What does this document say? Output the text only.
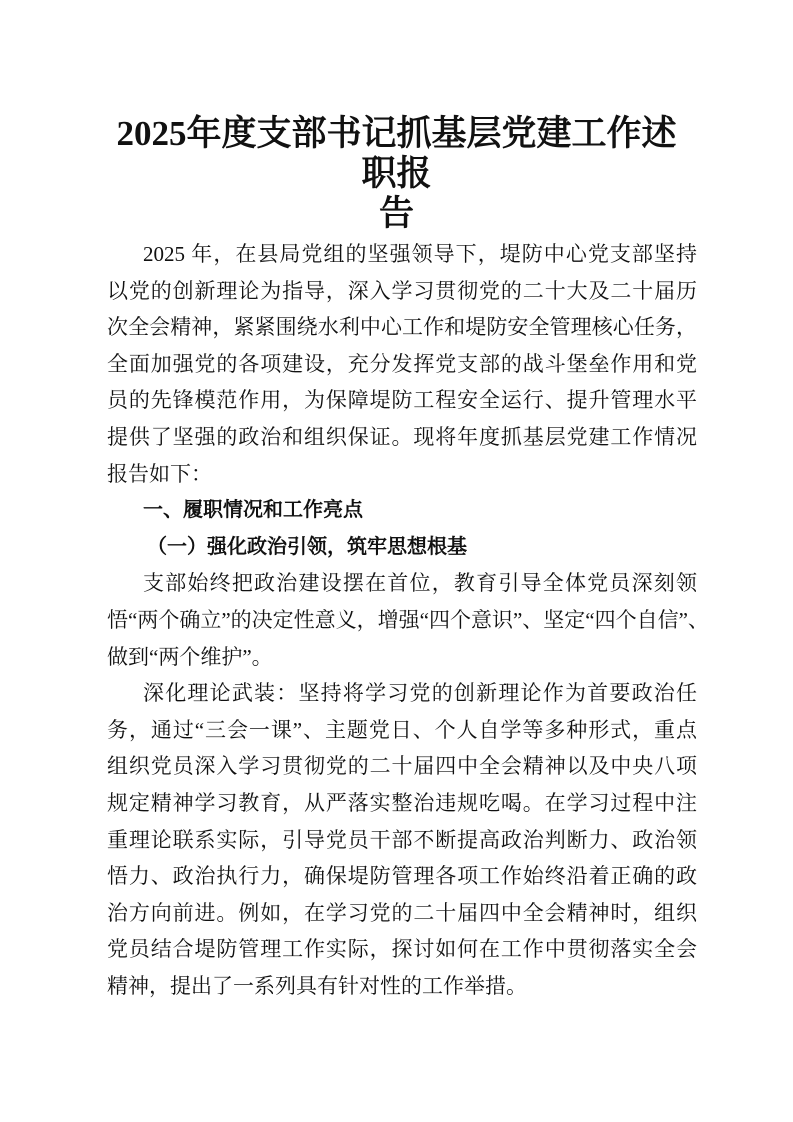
2025年度支部书记抓基层党建工作述职报
告
2025 年，在县局党组的坚强领导下，堤防中心党支部坚持
以党的创新理论为指导，深入学习贯彻党的二十大及二十届历
次全会精神，紧紧围绕水利中心工作和堤防安全管理核心任务，
全面加强党的各项建设，充分发挥党支部的战斗堡垒作用和党
员的先锋模范作用，为保障堤防工程安全运行、提升管理水平
提供了坚强的政治和组织保证。现将年度抓基层党建工作情况
报告如下：
一、履职情况和工作亮点
（一）强化政治引领，筑牢思想根基
支部始终把政治建设摆在首位，教育引导全体党员深刻领
悟“两个确立”的决定性意义，增强“四个意识”、坚定“四个自信”、
做到“两个维护”。
深化理论武装：坚持将学习党的创新理论作为首要政治任
务，通过“三会一课”、主题党日、个人自学等多种形式，重点
组织党员深入学习贯彻党的二十届四中全会精神以及中央八项
规定精神学习教育，从严落实整治违规吃喝。在学习过程中注
重理论联系实际，引导党员干部不断提高政治判断力、政治领
悟力、政治执行力，确保堤防管理各项工作始终沿着正确的政
治方向前进。例如，在学习党的二十届四中全会精神时，组织
党员结合堤防管理工作实际，探讨如何在工作中贯彻落实全会
精神，提出了一系列具有针对性的工作举措。
